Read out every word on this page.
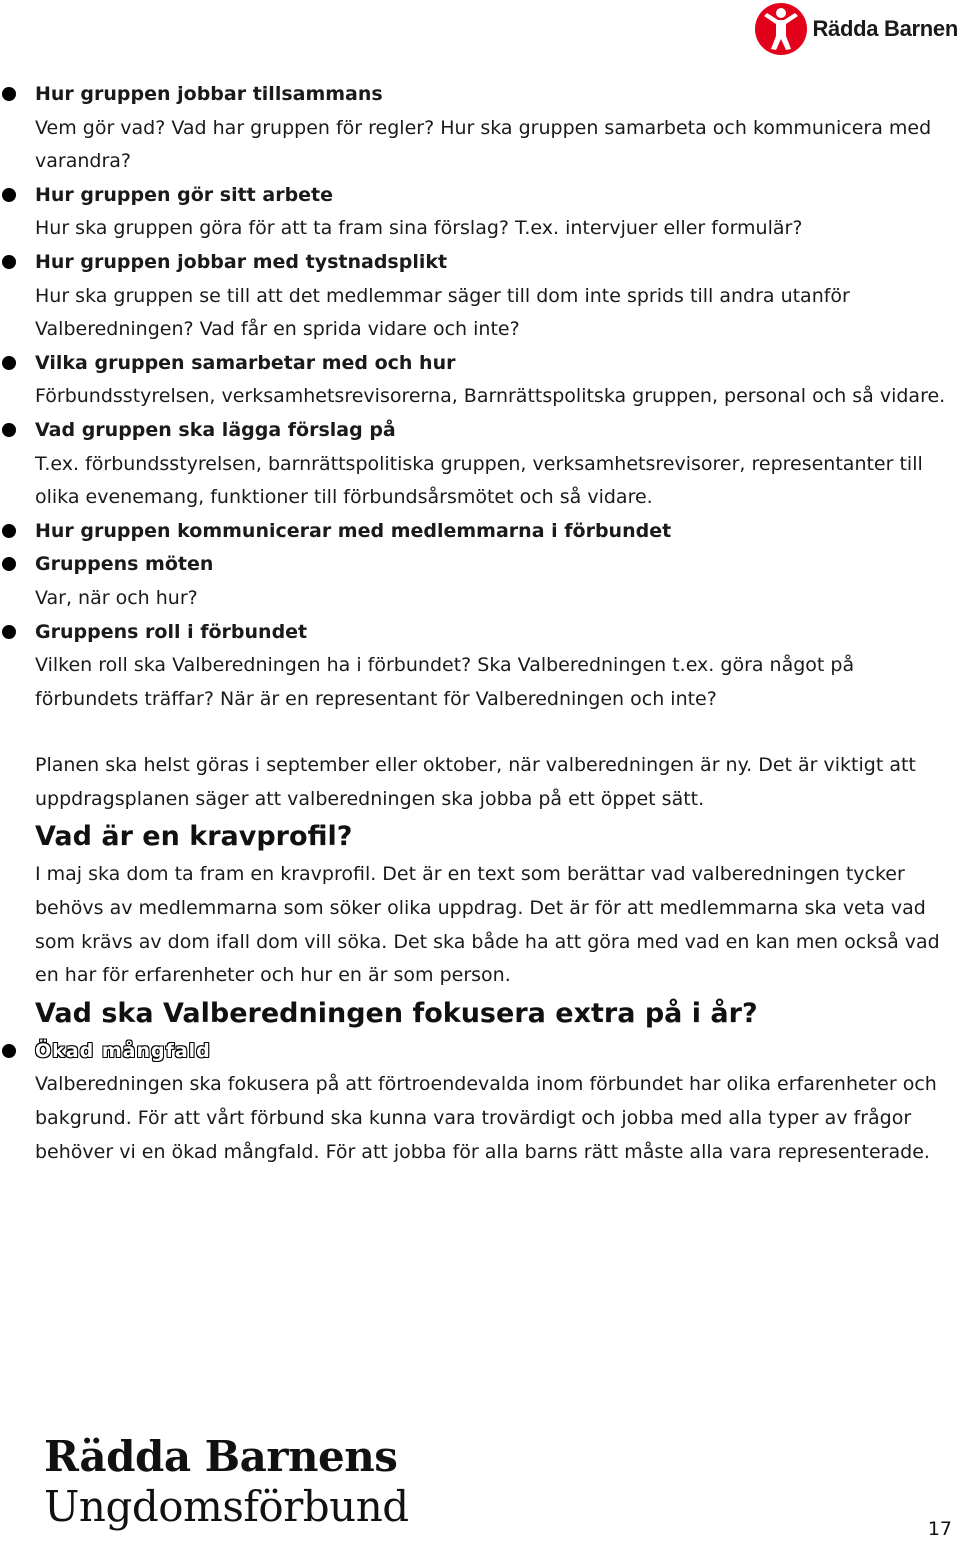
Rädda Barnen
Hur gruppen jobbar tillsammans
Vem gör vad? Vad har gruppen för regler? Hur ska gruppen samarbeta och kommunicera med varandra?
Hur gruppen gör sitt arbete
Hur ska gruppen göra för att ta fram sina förslag? T.ex. intervjuer eller formulär?
Hur gruppen jobbar med tystnadsplikt
Hur ska gruppen se till att det medlemmar säger till dom inte sprids till andra utanför Valberedningen? Vad får en sprida vidare och inte?
Vilka gruppen samarbetar med och hur
Förbundsstyrelsen, verksamhetsrevisorerna, Barnrättspolitska gruppen, personal och så vidare.
Vad gruppen ska lägga förslag på
T.ex. förbundsstyrelsen, barnrättspolitiska gruppen, verksamhetsrevisorer, representanter till olika evenemang, funktioner till förbundsårsmötet och så vidare.
Hur gruppen kommunicerar med medlemmarna i förbundet
Gruppens möten
Var, när och hur?
Gruppens roll i förbundet
Vilken roll ska Valberedningen ha i förbundet? Ska Valberedningen t.ex. göra något på förbundets träffar? När är en representant för Valberedningen och inte?
Planen ska helst göras i september eller oktober, när valberedningen är ny. Det är viktigt att uppdragsplanen säger att valberedningen ska jobba på ett öppet sätt.
Vad är en kravprofil?
I maj ska dom ta fram en kravprofil. Det är en text som berättar vad valberedningen tycker behövs av medlemmarna som söker olika uppdrag. Det är för att medlemmarna ska veta vad som krävs av dom ifall dom vill söka. Det ska både ha att göra med vad en kan men också vad en har för erfarenheter och hur en är som person.
Vad ska Valberedningen fokusera extra på i år?
Ökad mångfald
Valberedningen ska fokusera på att förtroendevalda inom förbundet har olika erfarenheter och bakgrund. För att vårt förbund ska kunna vara trovärdigt och jobba med alla typer av frågor behöver vi en ökad mångfald. För att jobba för alla barns rätt måste alla vara representerade.
Rädda Barnens
Ungdomsförbund	17
